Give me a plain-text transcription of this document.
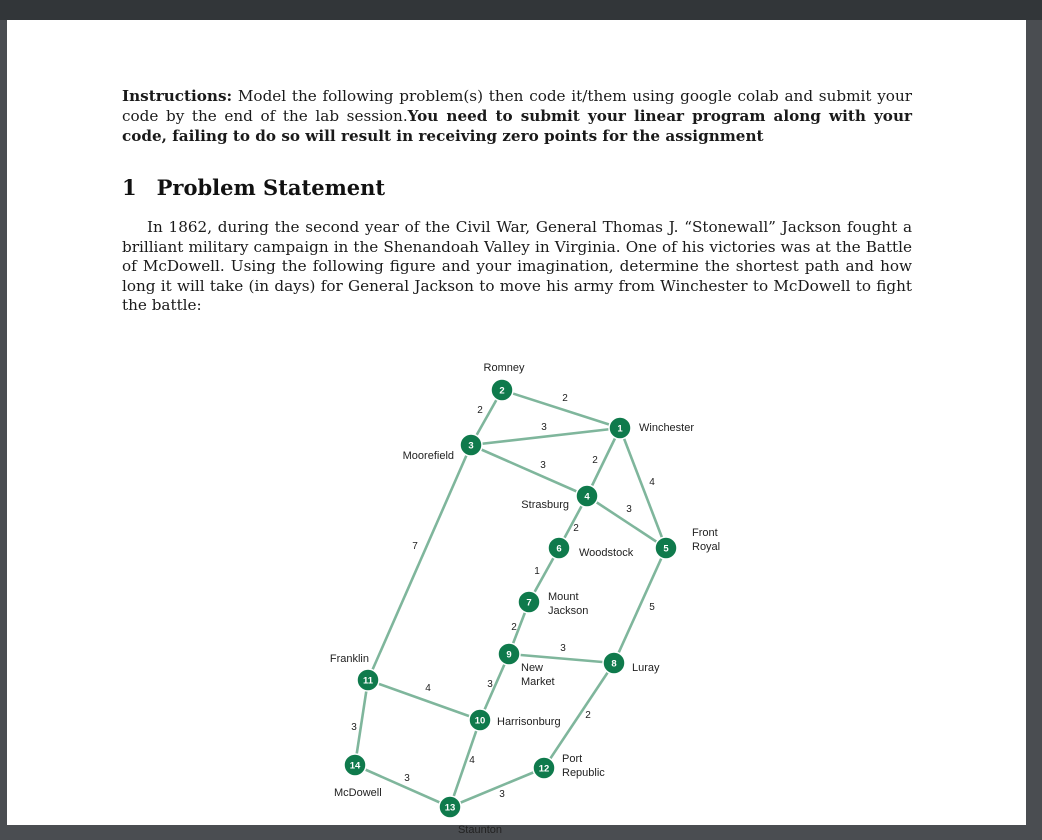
Instructions: Model the following problem(s) then code it/them using google colab and submit your code by the end of the lab session.You need to submit your linear program along with your code, failing to do so will result in receiving zero points for the assignment
1 Problem Statement
In 1862, during the second year of the Civil War, General Thomas J. “Stonewall” Jackson fought a brilliant military campaign in the Shenandoah Valley in Virginia. One of his victories was at the Battle of McDowell. Using the following figure and your imagination, determine the shortest path and how long it will take (in days) for General Jackson to move his army from Winchester to McDowell to fight the battle:
2
2
3
3	2
4
3
2
7
1
5
2
3
3
4
2
3
4
3
3
1
2
3
4
5
6
7
8
9
10
11
12
13
14
Winchester
Romney
Moorefield
Strasburg
Front Royal
Woodstock
Mount Jackson
Luray
New Market
Harrisonburg
Franklin
Port Republic
Staunton
McDowell
